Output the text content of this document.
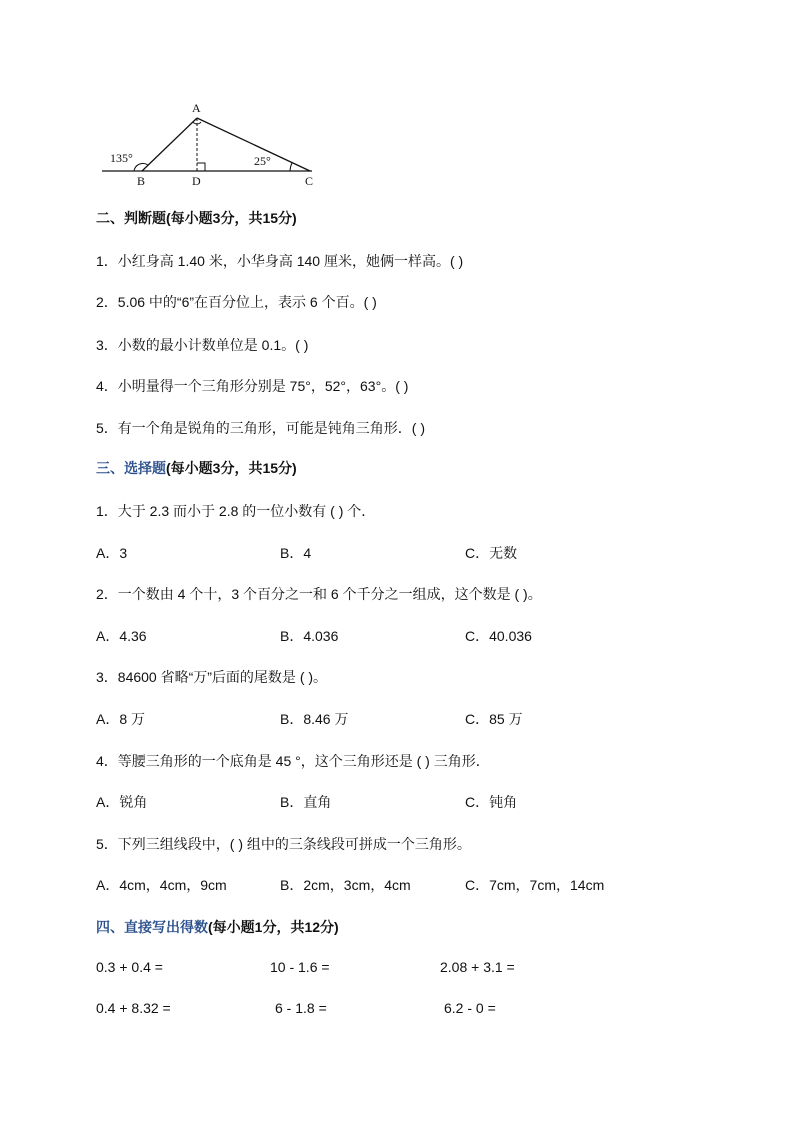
A
B	D	C
135°	25°
二、判断题(每小题3分，共15分)
1．小红身高 1.40 米，小华身高 140 厘米，她俩一样高。( )
2．5.06 中的“6”在百分位上，表示 6 个百。( )
3．小数的最小计数单位是 0.1。( )
4．小明量得一个三角形分别是 75°，52°，63°。( )
5．有一个角是锐角的三角形，可能是钝角三角形．( )
三、选择题(每小题3分，共15分)
1．大于 2.3 而小于 2.8 的一位小数有 ( ) 个．
A．3	B．4	C．无数
2．一个数由 4 个十，3 个百分之一和 6 个千分之一组成，这个数是 ( )。
A．4.36	B．4.036	C．40.036
3．84600 省略“万”后面的尾数是 ( )。
A．8 万	B．8.46 万	C．85 万
4．等腰三角形的一个底角是 45 °，这个三角形还是 ( ) 三角形．
A．锐角	B．直角	C．钝角
5．下列三组线段中，( ) 组中的三条线段可拼成一个三角形。
A．4cm，4cm，9cm	B．2cm，3cm，4cm	C．7cm，7cm，14cm
四、直接写出得数(每小题1分，共12分)
0.3 + 0.4 =	10 - 1.6 =	2.08 + 3.1 =
0.4 + 8.32 =	6 - 1.8 =	6.2 - 0 =
